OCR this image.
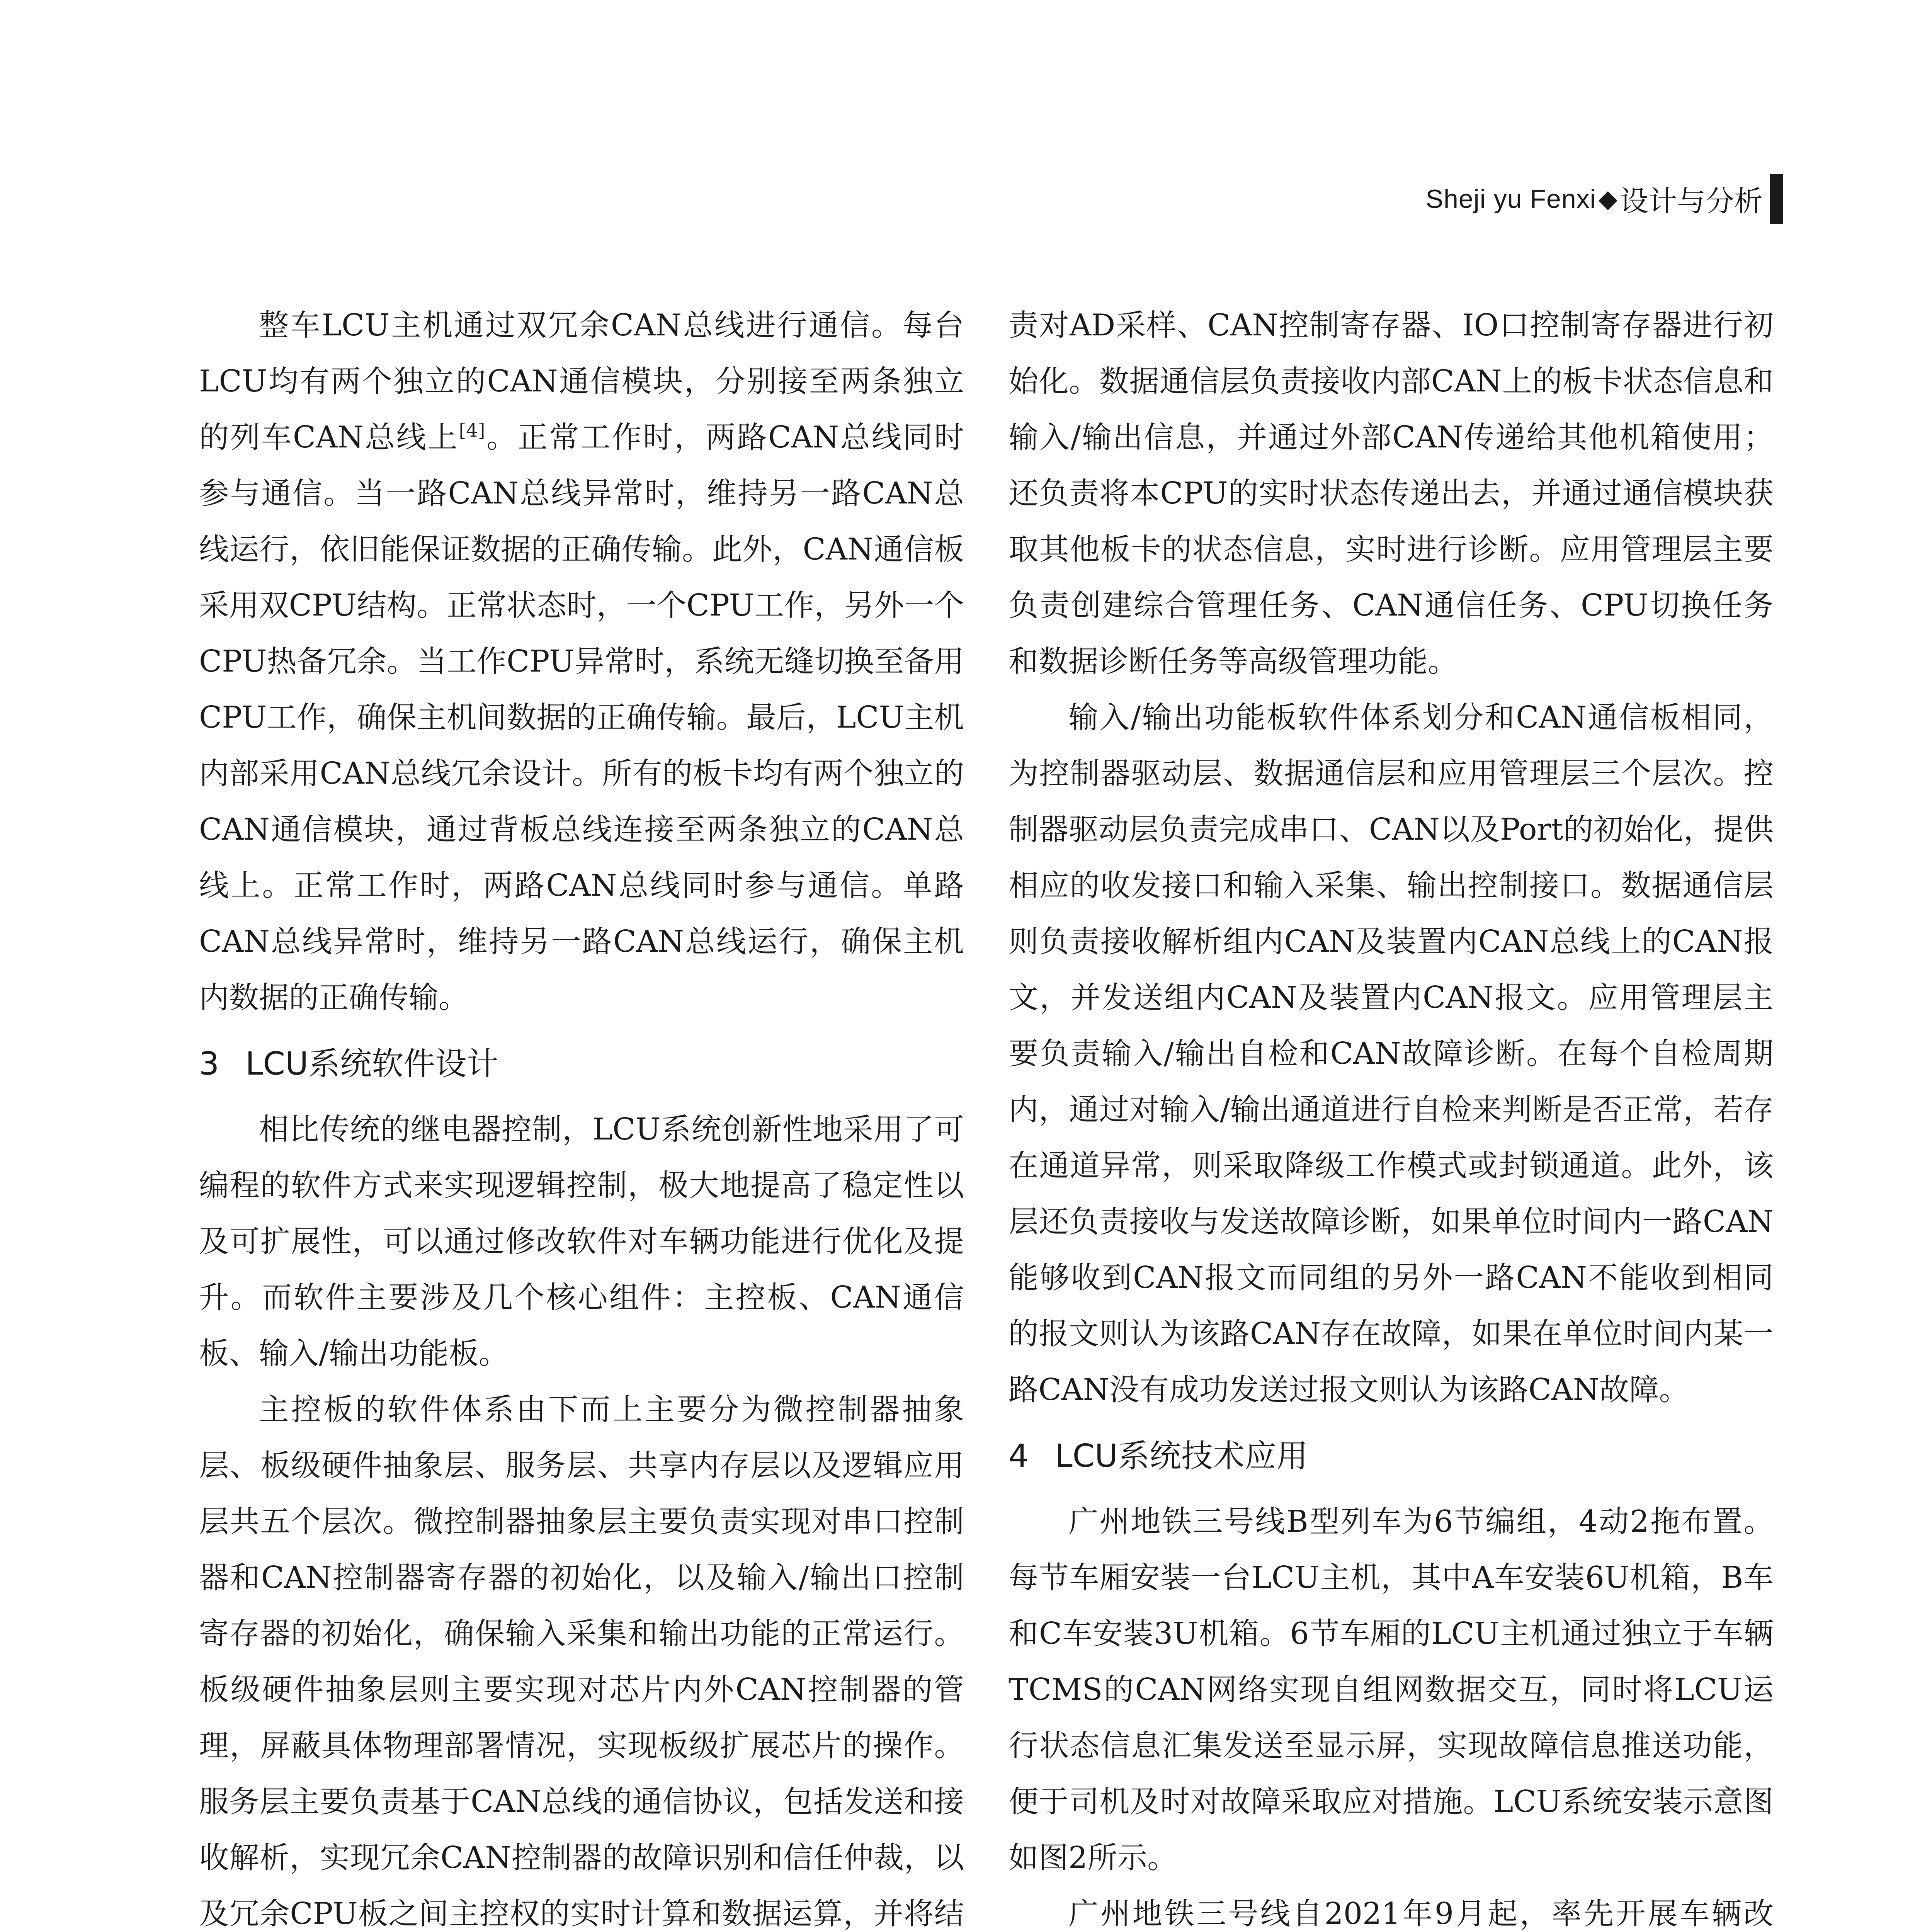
Sheji yu Fenxi ◆ 设计与分析

整车LCU主机通过双冗余CAN总线进行通信。每台LCU均有两个独立的CAN通信模块，分别接至两条独立的列车CAN总线上[4]。正常工作时，两路CAN总线同时参与通信。当一路CAN总线异常时，维持另一路CAN总线运行，依旧能保证数据的正确传输。此外，CAN通信板采用双CPU结构。正常状态时，一个CPU工作，另外一个CPU热备冗余。当工作CPU异常时，系统无缝切换至备用CPU工作，确保主机间数据的正确传输。最后，LCU主机内部采用CAN总线冗余设计。所有的板卡均有两个独立的CAN通信模块，通过背板总线连接至两条独立的CAN总线上。正常工作时，两路CAN总线同时参与通信。单路CAN总线异常时，维持另一路CAN总线运行，确保主机内数据的正确传输。

3 LCU系统软件设计

相比传统的继电器控制，LCU系统创新性地采用了可编程的软件方式来实现逻辑控制，极大地提高了稳定性以及可扩展性，可以通过修改软件对车辆功能进行优化及提升。而软件主要涉及几个核心组件：主控板、CAN通信板、输入/输出功能板。

主控板的软件体系由下而上主要分为微控制器抽象层、板级硬件抽象层、服务层、共享内存层以及逻辑应用层共五个层次。微控制器抽象层主要负责实现对串口控制器和CAN控制器寄存器的初始化，以及输入/输出口控制寄存器的初始化，确保输入采集和输出功能的正常运行。板级硬件抽象层则主要实现对芯片内外CAN控制器的管理，屏蔽具体物理部署情况，实现板级扩展芯片的操作。服务层主要负责基于CAN总线的通信协议，包括发送和接收解析，实现冗余CAN控制器的故障识别和信任仲裁，以及冗余CPU板之间主控权的实时计算和数据运算，并将结

责对AD采样、CAN控制寄存器、IO口控制寄存器进行初始化。数据通信层负责接收内部CAN上的板卡状态信息和输入/输出信息，并通过外部CAN传递给其他机箱使用；还负责将本CPU的实时状态传递出去，并通过通信模块获取其他板卡的状态信息，实时进行诊断。应用管理层主要负责创建综合管理任务、CAN通信任务、CPU切换任务和数据诊断任务等高级管理功能。

输入/输出功能板软件体系划分和CAN通信板相同，为控制器驱动层、数据通信层和应用管理层三个层次。控制器驱动层负责完成串口、CAN以及Port的初始化，提供相应的收发接口和输入采集、输出控制接口。数据通信层则负责接收解析组内CAN及装置内CAN总线上的CAN报文，并发送组内CAN及装置内CAN报文。应用管理层主要负责输入/输出自检和CAN故障诊断。在每个自检周期内，通过对输入/输出通道进行自检来判断是否正常，若存在通道异常，则采取降级工作模式或封锁通道。此外，该层还负责接收与发送故障诊断，如果单位时间内一路CAN能够收到CAN报文而同组的另外一路CAN不能收到相同的报文则认为该路CAN存在故障，如果在单位时间内某一路CAN没有成功发送过报文则认为该路CAN故障。

4 LCU系统技术应用

广州地铁三号线B型列车为6节编组，4动2拖布置。每节车厢安装一台LCU主机，其中A车安装6U机箱，B车和C车安装3U机箱。6节车厢的LCU主机通过独立于车辆TCMS的CAN网络实现自组网数据交互，同时将LCU运行状态信息汇集发送至显示屏，实现故障信息推送功能，便于司机及时对故障采取应对措施。LCU系统安装示意图如图2所示。

广州地铁三号线自2021年9月起，率先开展车辆改
